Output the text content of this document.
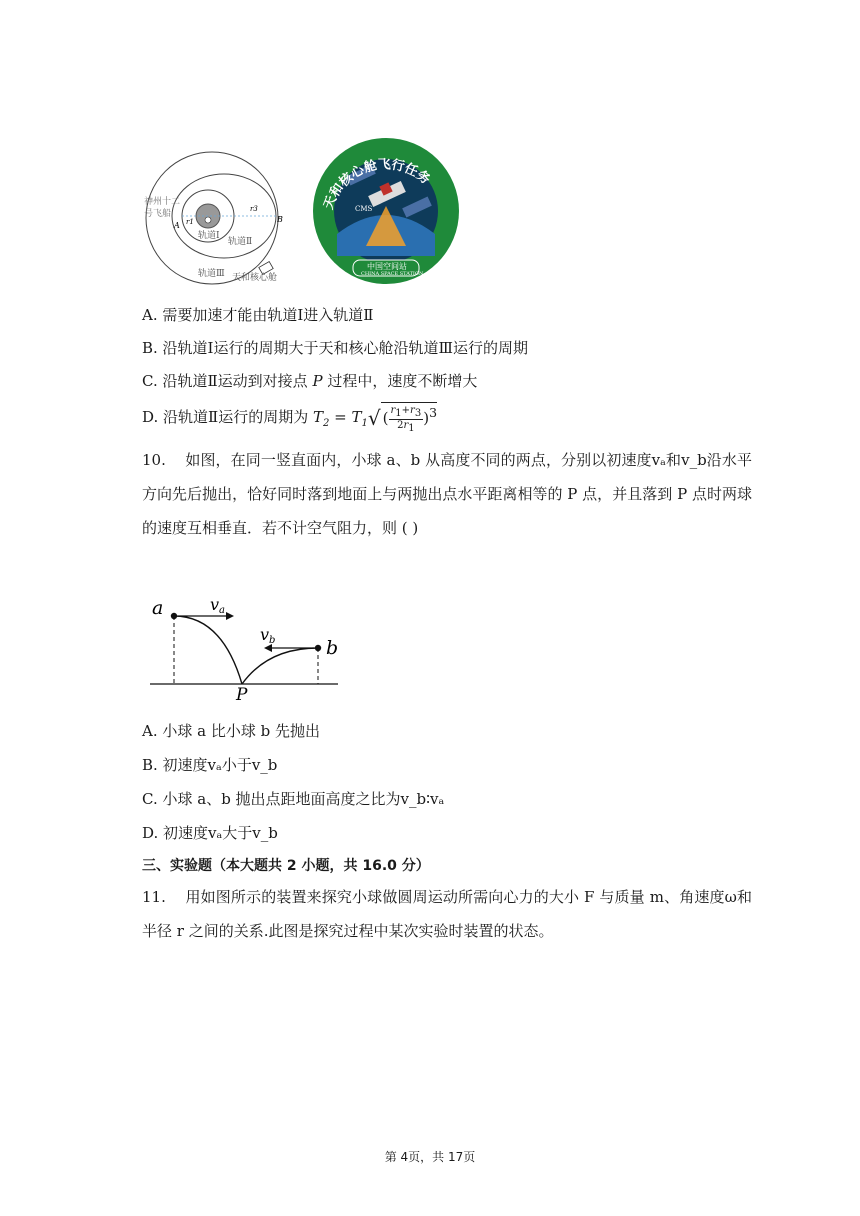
神州十二
号飞船
A
B
r1
r3
轨道Ⅰ
轨道Ⅱ
轨道Ⅲ 天和核心舱
天和核心舱飞行任务
CMS
中国空间站
CHINA SPACE STATION
A. 需要加速才能由轨道Ⅰ进入轨道Ⅱ
B. 沿轨道Ⅰ运行的周期大于天和核心舱沿轨道Ⅲ运行的周期
C. 沿轨道Ⅱ运动到对接点 P 过程中，速度不断增大
D. 沿轨道Ⅱ运行的周期为 $T_2 = T_1√$ ( $\frac{r_1+r_3}{2r_1} )^3$
10. 如图，在同一竖直面内，小球 a、b 从高度不同的两点，分别以初速度vₐ和v_b沿水平方向先后抛出，恰好同时落到地面上与两抛出点水平距离相等的 P 点，并且落到 P 点时两球的速度互相垂直．若不计空气阻力，则 ( )
a
b
P
va
vb
A. 小球 a 比小球 b 先抛出
B. 初速度vₐ小于v_b
C. 小球 a、b 抛出点距地面高度之比为v_b∶vₐ
D. 初速度vₐ大于v_b
三、实验题（本大题共 2 小题，共 16.0 分）
11. 用如图所示的装置来探究小球做圆周运动所需向心力的大小 F 与质量 m、角速度ω和半径 r 之间的关系.此图是探究过程中某次实验时装置的状态。
第 4页，共 17页
